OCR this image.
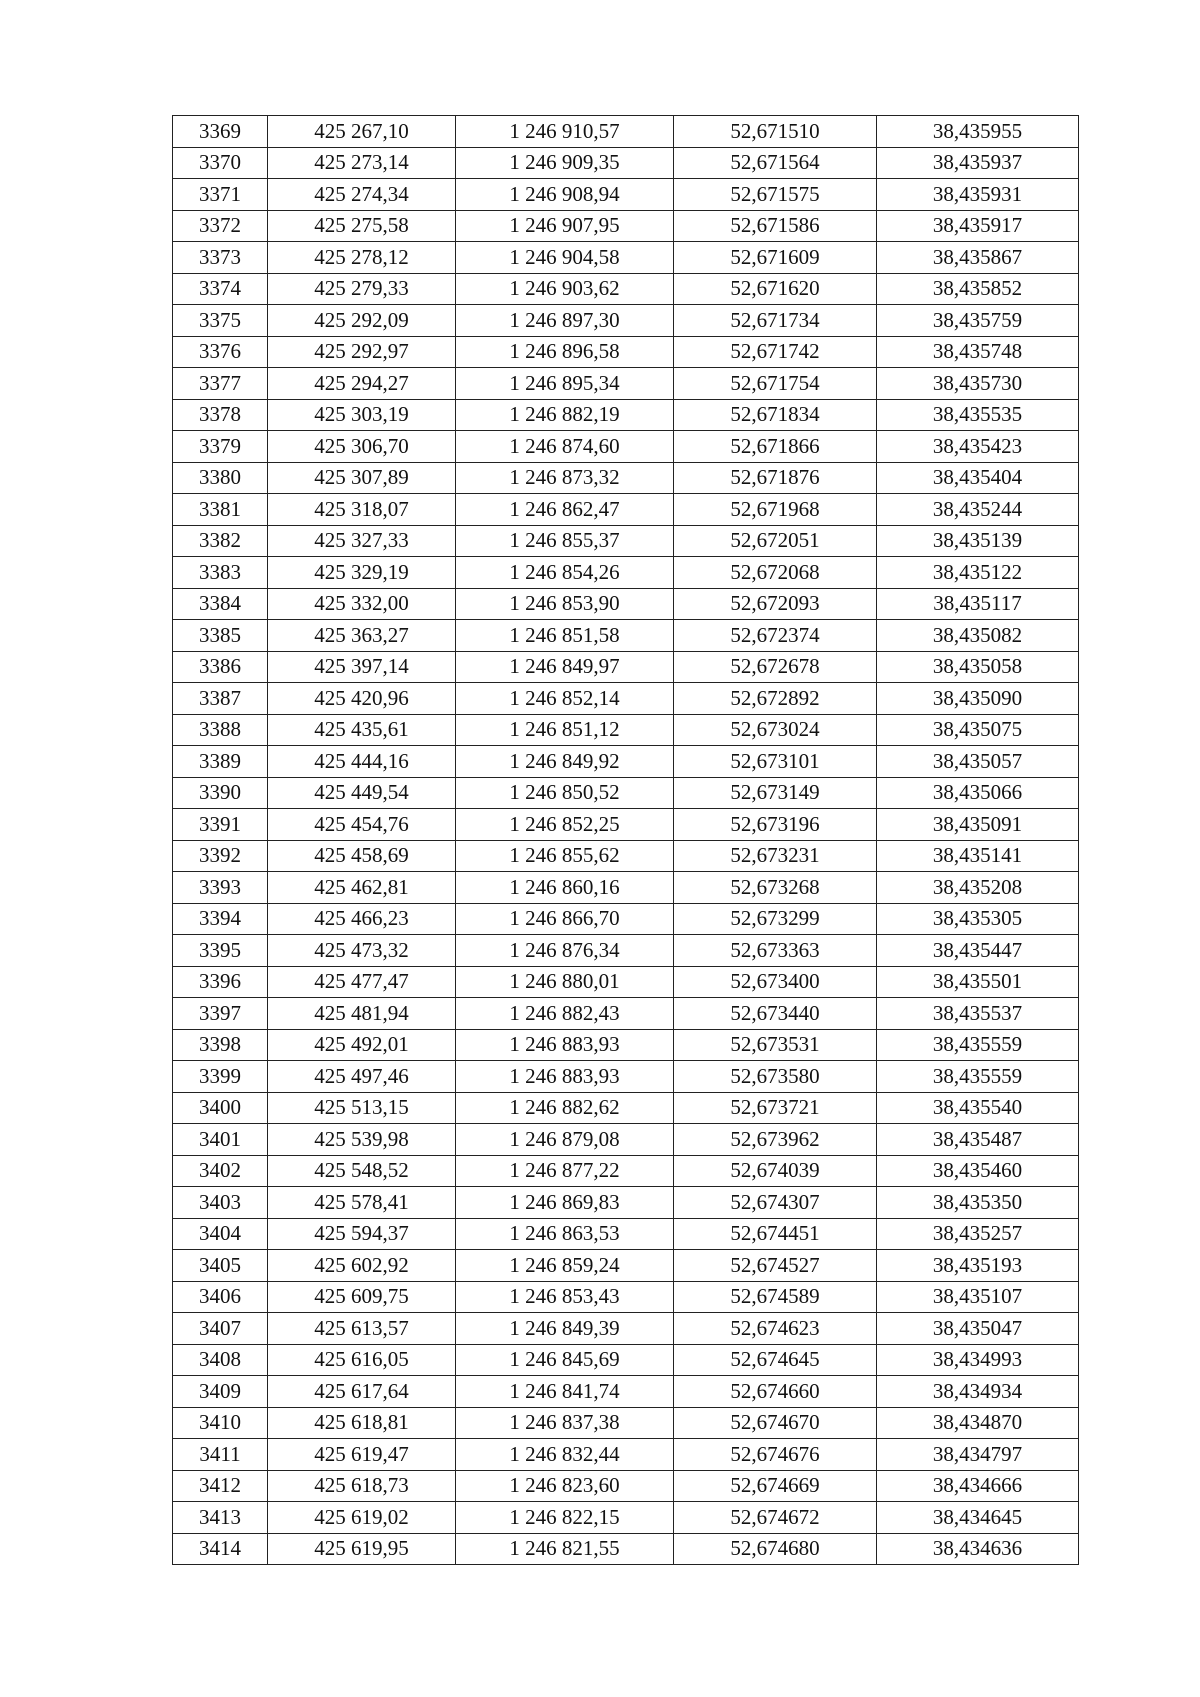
3369	425 267,10	1 246 910,57	52,671510	38,435955
3370	425 273,14	1 246 909,35	52,671564	38,435937
3371	425 274,34	1 246 908,94	52,671575	38,435931
3372	425 275,58	1 246 907,95	52,671586	38,435917
3373	425 278,12	1 246 904,58	52,671609	38,435867
3374	425 279,33	1 246 903,62	52,671620	38,435852
3375	425 292,09	1 246 897,30	52,671734	38,435759
3376	425 292,97	1 246 896,58	52,671742	38,435748
3377	425 294,27	1 246 895,34	52,671754	38,435730
3378	425 303,19	1 246 882,19	52,671834	38,435535
3379	425 306,70	1 246 874,60	52,671866	38,435423
3380	425 307,89	1 246 873,32	52,671876	38,435404
3381	425 318,07	1 246 862,47	52,671968	38,435244
3382	425 327,33	1 246 855,37	52,672051	38,435139
3383	425 329,19	1 246 854,26	52,672068	38,435122
3384	425 332,00	1 246 853,90	52,672093	38,435117
3385	425 363,27	1 246 851,58	52,672374	38,435082
3386	425 397,14	1 246 849,97	52,672678	38,435058
3387	425 420,96	1 246 852,14	52,672892	38,435090
3388	425 435,61	1 246 851,12	52,673024	38,435075
3389	425 444,16	1 246 849,92	52,673101	38,435057
3390	425 449,54	1 246 850,52	52,673149	38,435066
3391	425 454,76	1 246 852,25	52,673196	38,435091
3392	425 458,69	1 246 855,62	52,673231	38,435141
3393	425 462,81	1 246 860,16	52,673268	38,435208
3394	425 466,23	1 246 866,70	52,673299	38,435305
3395	425 473,32	1 246 876,34	52,673363	38,435447
3396	425 477,47	1 246 880,01	52,673400	38,435501
3397	425 481,94	1 246 882,43	52,673440	38,435537
3398	425 492,01	1 246 883,93	52,673531	38,435559
3399	425 497,46	1 246 883,93	52,673580	38,435559
3400	425 513,15	1 246 882,62	52,673721	38,435540
3401	425 539,98	1 246 879,08	52,673962	38,435487
3402	425 548,52	1 246 877,22	52,674039	38,435460
3403	425 578,41	1 246 869,83	52,674307	38,435350
3404	425 594,37	1 246 863,53	52,674451	38,435257
3405	425 602,92	1 246 859,24	52,674527	38,435193
3406	425 609,75	1 246 853,43	52,674589	38,435107
3407	425 613,57	1 246 849,39	52,674623	38,435047
3408	425 616,05	1 246 845,69	52,674645	38,434993
3409	425 617,64	1 246 841,74	52,674660	38,434934
3410	425 618,81	1 246 837,38	52,674670	38,434870
3411	425 619,47	1 246 832,44	52,674676	38,434797
3412	425 618,73	1 246 823,60	52,674669	38,434666
3413	425 619,02	1 246 822,15	52,674672	38,434645
3414	425 619,95	1 246 821,55	52,674680	38,434636
